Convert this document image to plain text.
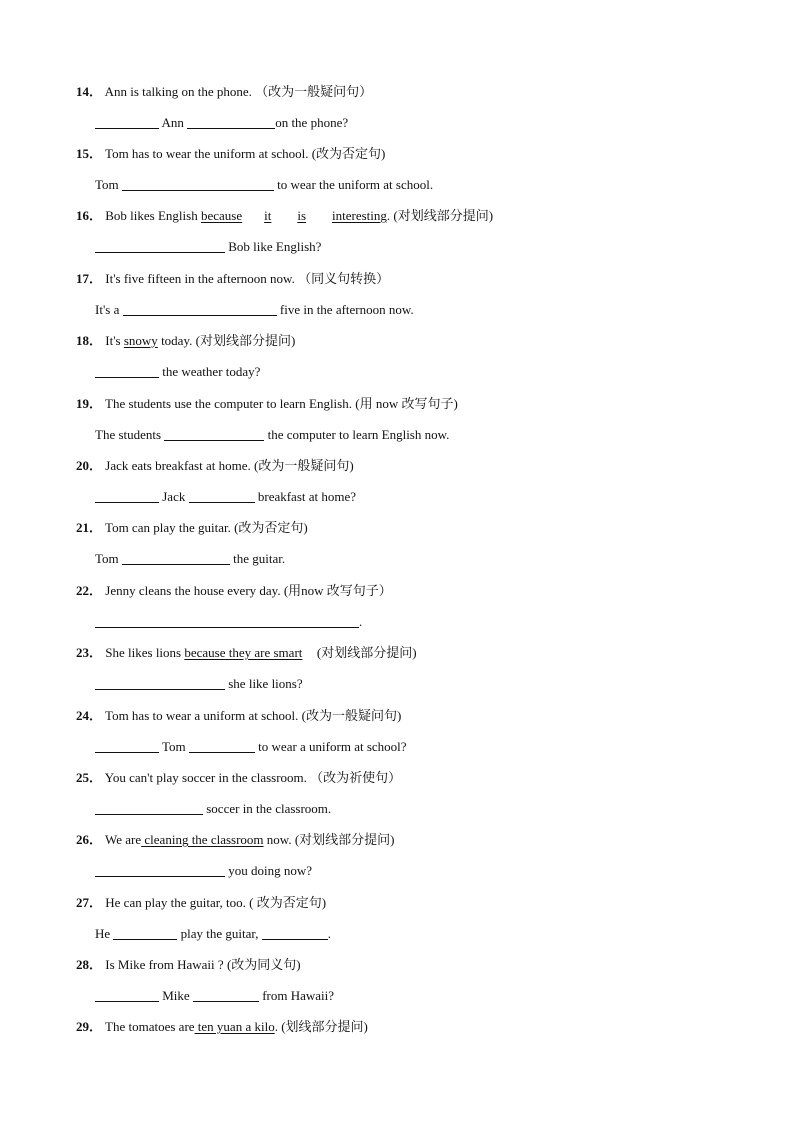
14． Ann is talking on the phone. （改为一般疑问句）
Ann	on the phone?
15． Tom has to wear the uniform at school. (改为否定句)
Tom	to wear the uniform at school.
16． Bob likes English because it is interesting. (对划线部分提问)
Bob like English?
17． It's five fifteen in the afternoon now. （同义句转换）
It's a	five in the afternoon now.
18． It's snowy today. (对划线部分提问)
the weather today?
19． The students use the computer to learn English. (用 now 改写句子)
The students	the computer to learn English now.
20． Jack eats breakfast at home. (改为一般疑问句)
Jack	breakfast at home?
21． Tom can play the guitar. (改为否定句)
Tom	the guitar.
22． Jenny cleans the house every day. (用now 改写句子）
.
23． She likes lions because they are smart (对划线部分提问)
she like lions?
24． Tom has to wear a uniform at school. (改为一般疑问句)
Tom	to wear a uniform at school?
25． You can't play soccer in the classroom. （改为祈使句）
soccer in the classroom.
26． We are cleaning the classroom now. (对划线部分提问)
you doing now?
27． He can play the guitar, too. ( 改为否定句)
He	play the guitar,	.
28． Is Mike from Hawaii ? (改为同义句)
Mike	from Hawaii?
29． The tomatoes are ten yuan a kilo. (划线部分提问)
